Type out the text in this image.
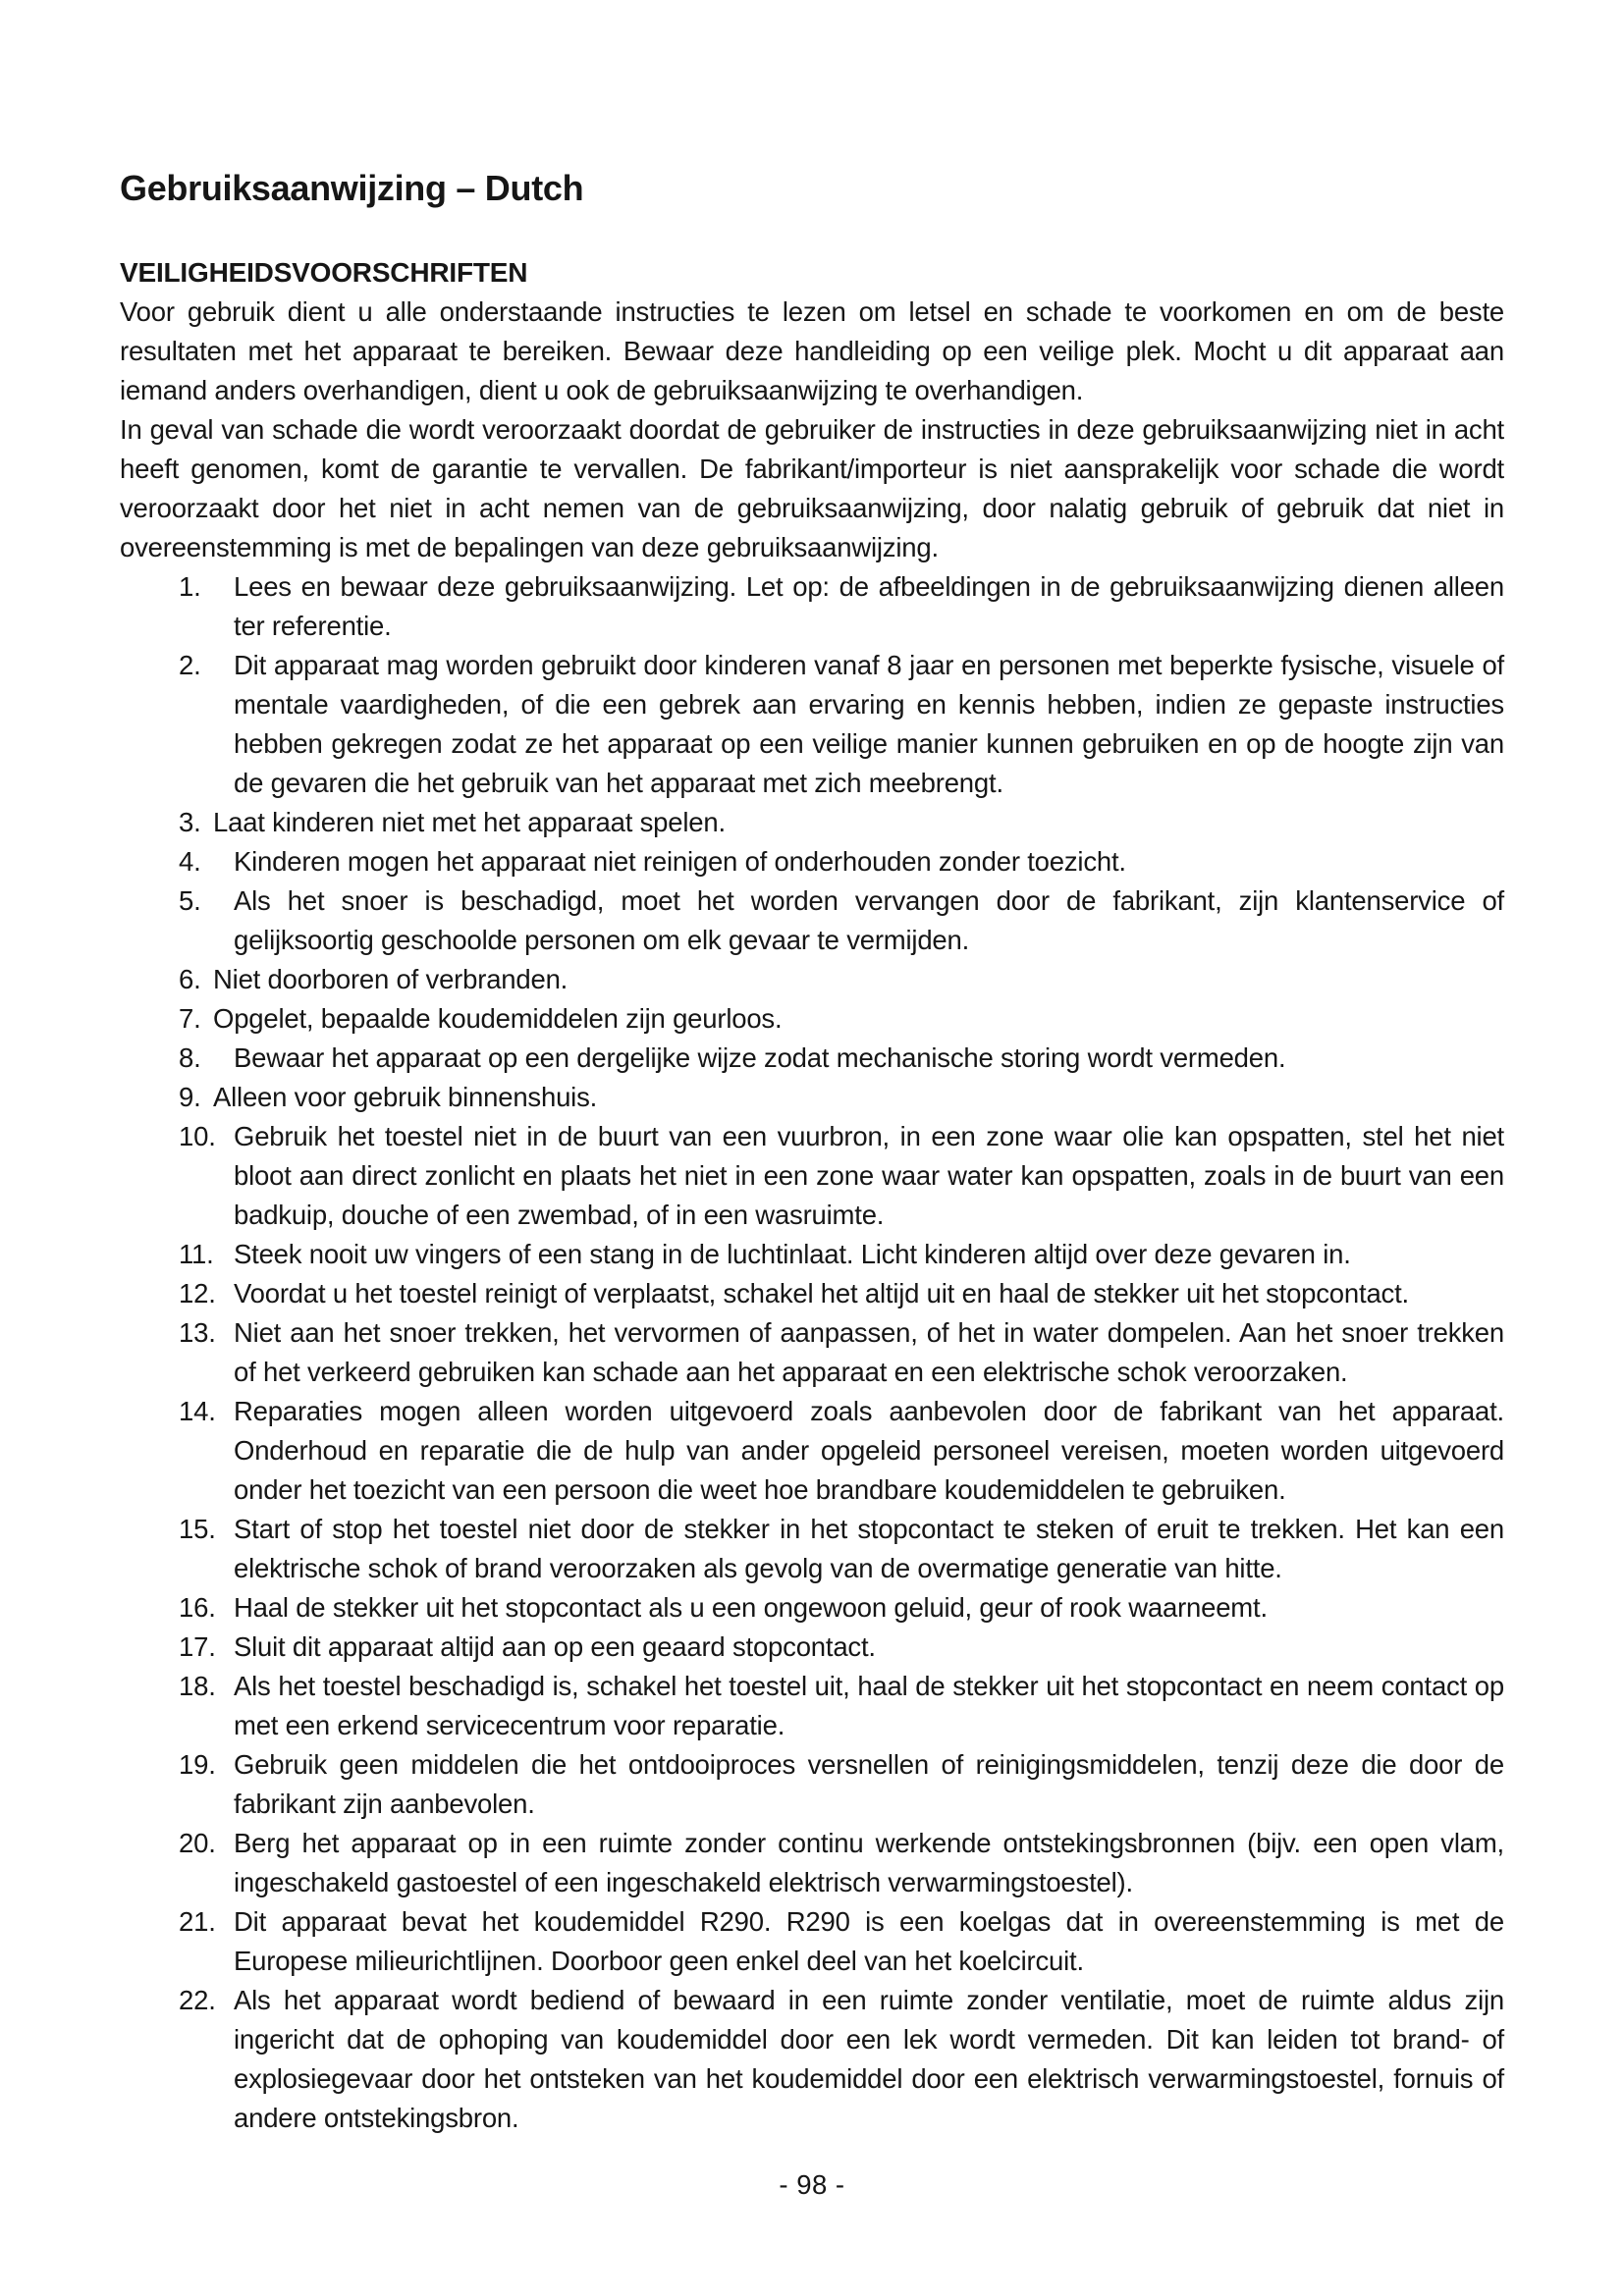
Gebruiksaanwijzing – Dutch
VEILIGHEIDSVOORSCHRIFTEN

Voor gebruik dient u alle onderstaande instructies te lezen om letsel en schade te voorkomen en om de beste resultaten met het apparaat te bereiken. Bewaar deze handleiding op een veilige plek. Mocht u dit apparaat aan iemand anders overhandigen, dient u ook de gebruiksaanwijzing te overhandigen.

In geval van schade die wordt veroorzaakt doordat de gebruiker de instructies in deze gebruiksaanwijzing niet in acht heeft genomen, komt de garantie te vervallen. De fabrikant/importeur is niet aansprakelijk voor schade die wordt veroorzaakt door het niet in acht nemen van de gebruiksaanwijzing, door nalatig gebruik of gebruik dat niet in overeenstemming is met de bepalingen van deze gebruiksaanwijzing.

1. Lees en bewaar deze gebruiksaanwijzing. Let op: de afbeeldingen in de gebruiksaanwijzing dienen alleen ter referentie.
2. Dit apparaat mag worden gebruikt door kinderen vanaf 8 jaar en personen met beperkte fysische, visuele of mentale vaardigheden, of die een gebrek aan ervaring en kennis hebben, indien ze gepaste instructies hebben gekregen zodat ze het apparaat op een veilige manier kunnen gebruiken en op de hoogte zijn van de gevaren die het gebruik van het apparaat met zich meebrengt.
3. Laat kinderen niet met het apparaat spelen.
4. Kinderen mogen het apparaat niet reinigen of onderhouden zonder toezicht.
5. Als het snoer is beschadigd, moet het worden vervangen door de fabrikant, zijn klantenservice of gelijksoortig geschoolde personen om elk gevaar te vermijden.
6. Niet doorboren of verbranden.
7. Opgelet, bepaalde koudemiddelen zijn geurloos.
8. Bewaar het apparaat op een dergelijke wijze zodat mechanische storing wordt vermeden.
9. Alleen voor gebruik binnenshuis.
10. Gebruik het toestel niet in de buurt van een vuurbron, in een zone waar olie kan opspatten, stel het niet bloot aan direct zonlicht en plaats het niet in een zone waar water kan opspatten, zoals in de buurt van een badkuip, douche of een zwembad, of in een wasruimte.
11. Steek nooit uw vingers of een stang in de luchtinlaat. Licht kinderen altijd over deze gevaren in.
12. Voordat u het toestel reinigt of verplaatst, schakel het altijd uit en haal de stekker uit het stopcontact.
13. Niet aan het snoer trekken, het vervormen of aanpassen, of het in water dompelen. Aan het snoer trekken of het verkeerd gebruiken kan schade aan het apparaat en een elektrische schok veroorzaken.
14. Reparaties mogen alleen worden uitgevoerd zoals aanbevolen door de fabrikant van het apparaat. Onderhoud en reparatie die de hulp van ander opgeleid personeel vereisen, moeten worden uitgevoerd onder het toezicht van een persoon die weet hoe brandbare koudemiddelen te gebruiken.
15. Start of stop het toestel niet door de stekker in het stopcontact te steken of eruit te trekken. Het kan een elektrische schok of brand veroorzaken als gevolg van de overmatige generatie van hitte.
16. Haal de stekker uit het stopcontact als u een ongewoon geluid, geur of rook waarneemt.
17. Sluit dit apparaat altijd aan op een geaard stopcontact.
18. Als het toestel beschadigd is, schakel het toestel uit, haal de stekker uit het stopcontact en neem contact op met een erkend servicecentrum voor reparatie.
19. Gebruik geen middelen die het ontdooiproces versnellen of reinigingsmiddelen, tenzij deze die door de fabrikant zijn aanbevolen.
20. Berg het apparaat op in een ruimte zonder continu werkende ontstekingsbronnen (bijv. een open vlam, ingeschakeld gastoestel of een ingeschakeld elektrisch verwarmingstoestel).
21. Dit apparaat bevat het koudemiddel R290. R290 is een koelgas dat in overeenstemming is met de Europese milieurichtlijnen. Doorboor geen enkel deel van het koelcircuit.
22. Als het apparaat wordt bediend of bewaard in een ruimte zonder ventilatie, moet de ruimte aldus zijn ingericht dat de ophoping van koudemiddel door een lek wordt vermeden. Dit kan leiden tot brand- of explosiegevaar door het ontsteken van het koudemiddel door een elektrisch verwarmingstoestel, fornuis of andere ontstekingsbron.
- 98 -
